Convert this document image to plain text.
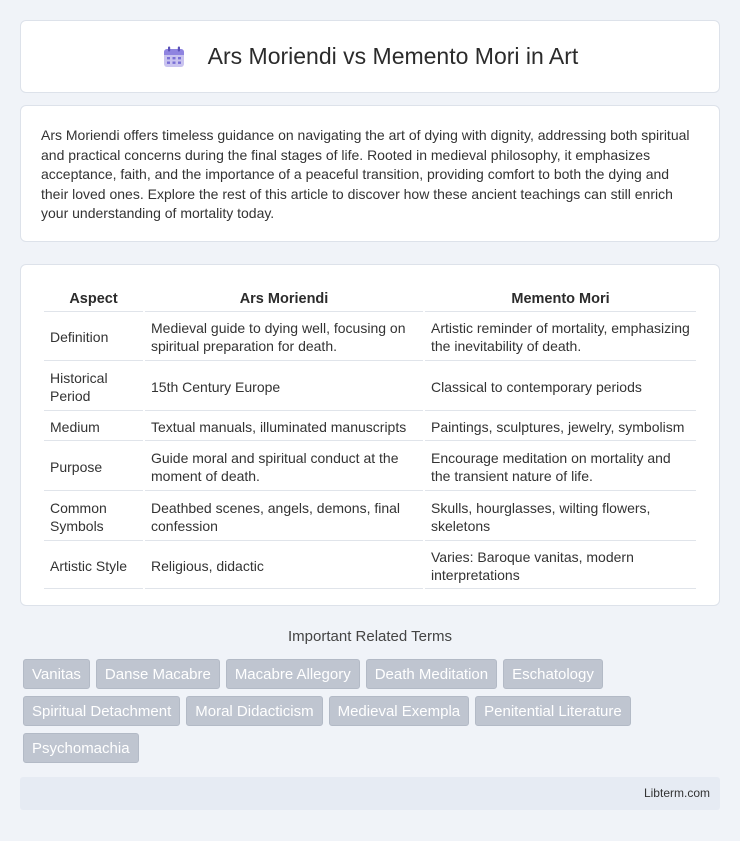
Ars Moriendi vs Memento Mori in Art

Ars Moriendi offers timeless guidance on navigating the art of dying with dignity, addressing both spiritual and practical concerns during the final stages of life. Rooted in medieval philosophy, it emphasizes acceptance, faith, and the importance of a peaceful transition, providing comfort to both the dying and their loved ones. Explore the rest of this article to discover how these ancient teachings can still enrich your understanding of mortality today.

Aspect	Ars Moriendi	Memento Mori
Definition	Medieval guide to dying well, focusing on spiritual preparation for death.	Artistic reminder of mortality, emphasizing the inevitability of death.
Historical Period	15th Century Europe	Classical to contemporary periods
Medium	Textual manuals, illuminated manuscripts	Paintings, sculptures, jewelry, symbolism
Purpose	Guide moral and spiritual conduct at the moment of death.	Encourage meditation on mortality and the transient nature of life.
Common Symbols	Deathbed scenes, angels, demons, final confession	Skulls, hourglasses, wilting flowers, skeletons
Artistic Style	Religious, didactic	Varies: Baroque vanitas, modern interpretations
Important Related Terms
Vanitas	Danse Macabre	Macabre Allegory	Death Meditation	Eschatology
Spiritual Detachment	Moral Didacticism	Medieval Exempla	Penitential Literature
Psychomachia
Libterm.com
